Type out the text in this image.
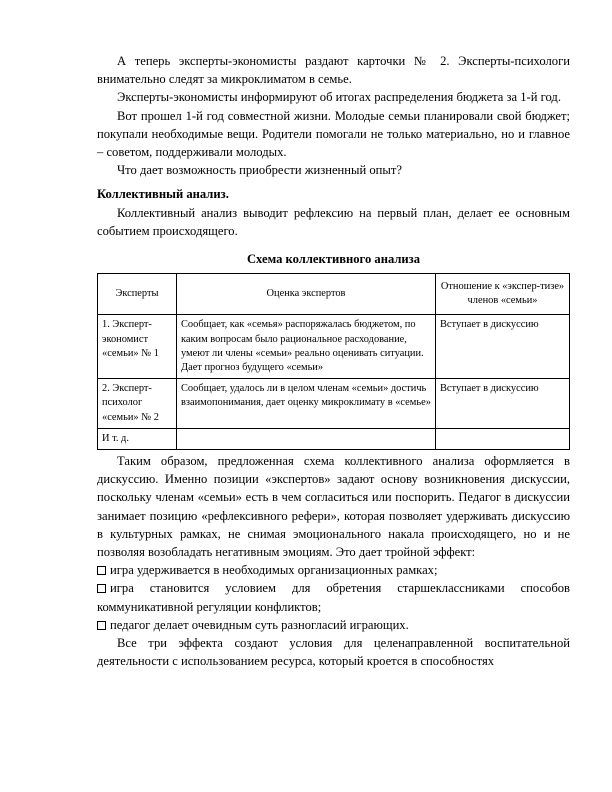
А теперь эксперты-экономисты раздают карточки № 2. Эксперты-психологи внимательно следят за микроклиматом в семье.

Эксперты-экономисты информируют об итогах распределения бюджета за 1-й год.

Вот прошел 1-й год совместной жизни. Молодые семьи планировали свой бюджет; покупали необходимые вещи. Родители помогали не только материально, но и главное – советом, поддерживали молодых.

Что дает возможность приобрести жизненный опыт?

Коллективный анализ.

Коллективный анализ выводит рефлексию на первый план, делает ее основным событием происходящего.

Схема коллективного анализа
Эксперты	Оценка экспертов	Отношение к «экспер-тизе» членов «семьи»
1. Эксперт-экономист «семьи» № 1	Сообщает, как «семья» распоряжалась бюджетом, по каким вопросам было рациональное расходование, умеют ли члены «семьи» реально оценивать ситуации. Дает прогноз будущего «семьи»	Вступает в дискуссию
2. Эксперт-психолог «семьи» № 2	Сообщает, удалось ли в целом членам «семьи» достичь взаимопонимания, дает оценку микроклимату в «семье»	Вступает в дискуссию
И т. д.		

Таким образом, предложенная схема коллективного анализа оформляется в дискуссию. Именно позиции «экспертов» задают основу возникновения дискуссии, поскольку членам «семьи» есть в чем согласиться или поспорить. Педагог в дискуссии занимает позицию «рефлексивного рефери», которая позволяет удерживать дискуссию в культурных рамках, не снимая эмоционального накала происходящего, но и не позволяя возобладать негативным эмоциям. Это дает тройной эффект:

игра удерживается в необходимых организационных рамках;

игра становится условием для обретения старшеклассниками способов коммуникативной регуляции конфликтов;

педагог делает очевидным суть разногласий играющих.

Все три эффекта создают условия для целенаправленной воспитательной деятельности с использованием ресурса, который кроется в способностях
